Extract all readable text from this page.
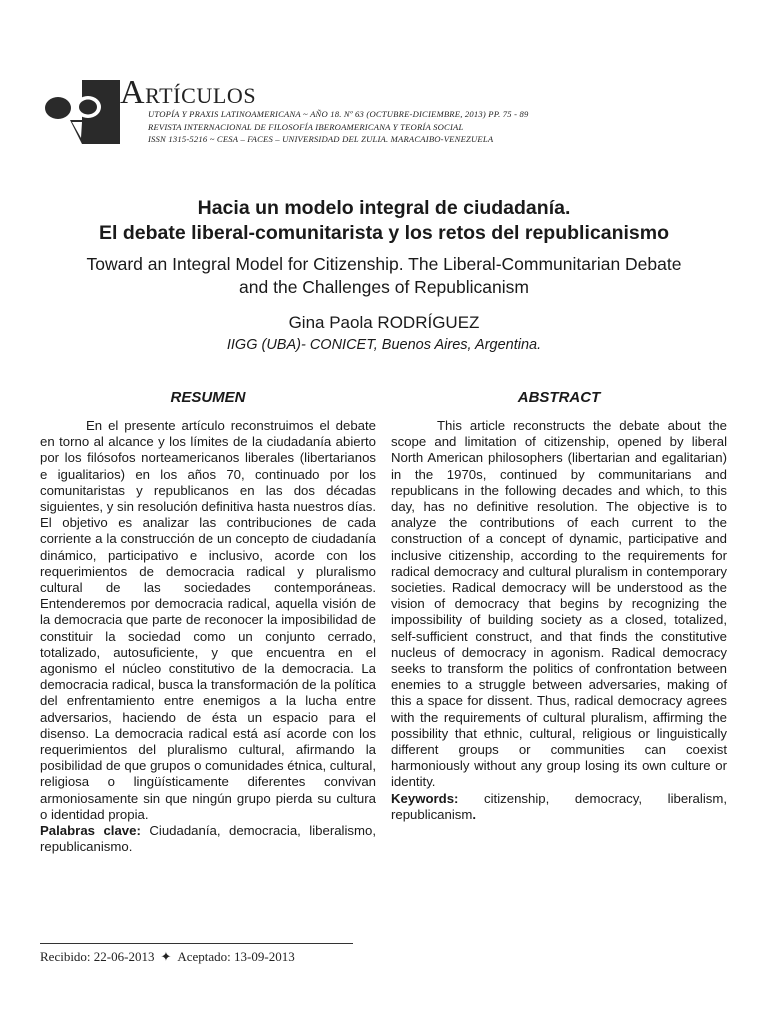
ARTÍCULOS
UTOPÍA Y PRAXIS LATINOAMERICANA ~ AÑO 18. Nº 63 (OCTUBRE-DICIEMBRE, 2013) PP. 75 - 89
REVISTA INTERNACIONAL DE FILOSOFÍA IBEROAMERICANA Y TEORÍA SOCIAL
ISSN 1315-5216 ~ CESA – FACES – UNIVERSIDAD DEL ZULIA. MARACAIBO-VENEZUELA
Hacia un modelo integral de ciudadanía.
El debate liberal-comunitarista y los retos del republicanismo
Toward an Integral Model for Citizenship. The Liberal-Communitarian Debate
and the Challenges of Republicanism
Gina Paola RODRÍGUEZ
IIGG (UBA)- CONICET, Buenos Aires, Argentina.
RESUMEN

En el presente artículo reconstruimos el debate en torno al alcance y los límites de la ciudadanía abierto por los filósofos norteamericanos liberales (libertarianos e igualitarios) en los años 70, continuado por los comunitaristas y republicanos en las dos décadas siguientes, y sin resolución definitiva hasta nuestros días. El objetivo es analizar las contribuciones de cada corriente a la construcción de un concepto de ciudadanía dinámico, participativo e inclusivo, acorde con los requerimientos de democracia radical y pluralismo cultural de las sociedades contemporáneas. Entenderemos por democracia radical, aquella visión de la democracia que parte de reconocer la imposibilidad de constituir la sociedad como un conjunto cerrado, totalizado, autosuficiente, y que encuentra en el agonismo el núcleo constitutivo de la democracia. La democracia radical, busca la transformación de la política del enfrentamiento entre enemigos a la lucha entre adversarios, haciendo de ésta un espacio para el disenso. La democracia radical está así acorde con los requerimientos del pluralismo cultural, afirmando la posibilidad de que grupos o comunidades étnica, cultural, religiosa o lingüísticamente diferentes convivan armoniosamente sin que ningún grupo pierda su cultura o identidad propia.

Palabras clave: Ciudadanía, democracia, liberalismo, republicanismo.
ABSTRACT

This article reconstructs the debate about the scope and limitation of citizenship, opened by liberal North American philosophers (libertarian and egalitarian) in the 1970s, continued by communitarians and republicans in the following decades and which, to this day, has no definitive resolution. The objective is to analyze the contributions of each current to the construction of a concept of dynamic, participative and inclusive citizenship, according to the requirements for radical democracy and cultural pluralism in contemporary societies. Radical democracy will be understood as the vision of democracy that begins by recognizing the impossibility of building society as a closed, totalized, self-sufficient construct, and that finds the constitutive nucleus of democracy in agonism. Radical democracy seeks to transform the politics of confrontation between enemies to a struggle between adversaries, making of this a space for dissent. Thus, radical democracy agrees with the requirements of cultural pluralism, affirming the possibility that ethnic, cultural, religious or linguistically different groups or communities can coexist harmoniously without any group losing its own culture or identity.

Keywords: citizenship, democracy, liberalism, republicanism.
Recibido: 22-06-2013 ✦ Aceptado: 13-09-2013
